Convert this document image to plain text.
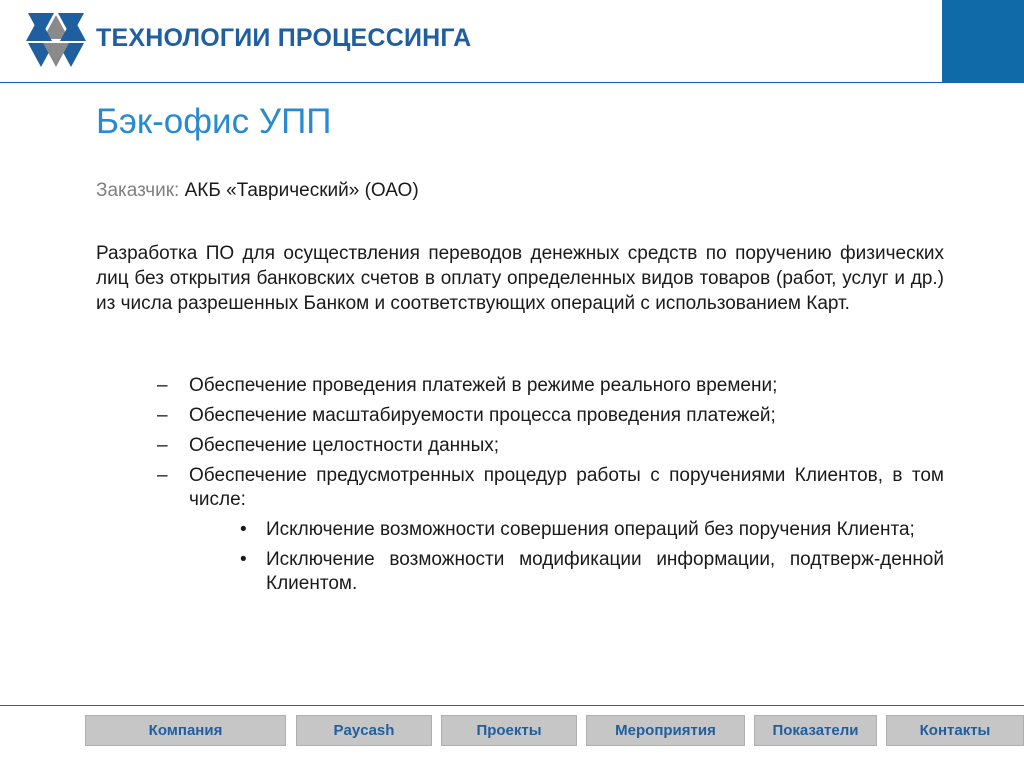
ТЕХНОЛОГИИ ПРОЦЕССИНГА
Бэк-офис УПП
Заказчик: АКБ «Таврический» (ОАО)
Разработка ПО для осуществления переводов денежных средств по поручению физических лиц без открытия банковских счетов в оплату определенных видов товаров (работ, услуг и др.) из числа разрешенных Банком и соответствующих операций с использованием Карт.
– Обеспечение проведения платежей в режиме реального времени;
– Обеспечение масштабируемости процесса проведения платежей;
– Обеспечение целостности данных;
– Обеспечение предусмотренных процедур работы с поручениями Клиентов, в том числе:
• Исключение возможности совершения операций без поручения Клиента;
• Исключение возможности модификации информации, подтверж-денной Клиентом.
Компания	Paycash	Проекты	Мероприятия	Показатели	Контакты
